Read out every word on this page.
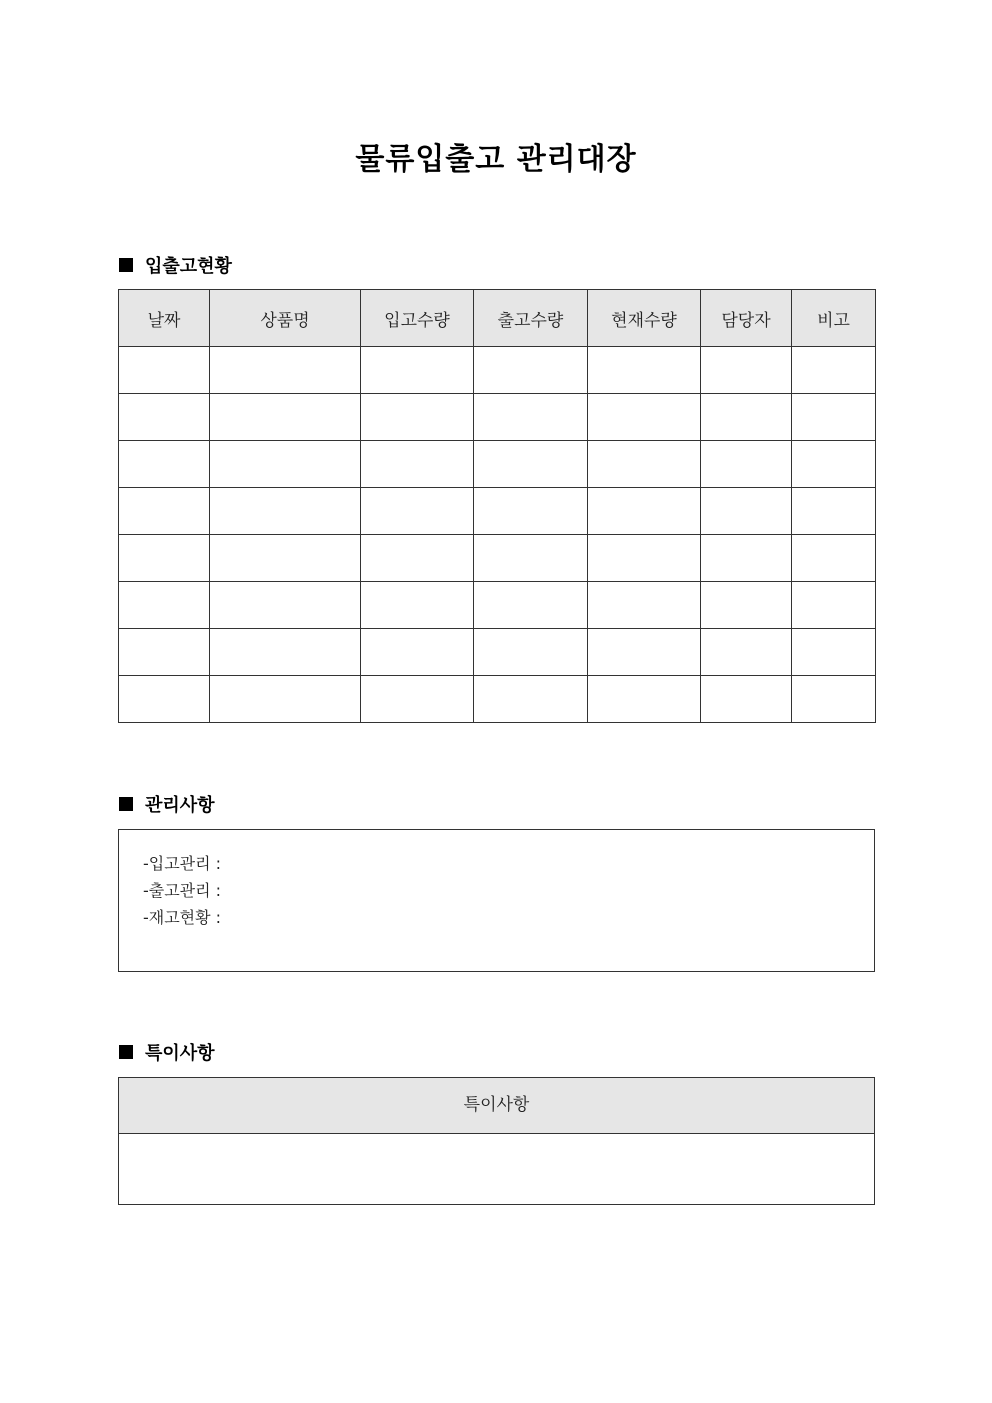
물류입출고 관리대장
입출고현황
날짜	상품명	입고수량	출고수량	현재수량	담당자	비고

관리사항
-입고관리 :
-출고관리 :
-재고현황 :
특이사항
특이사항
